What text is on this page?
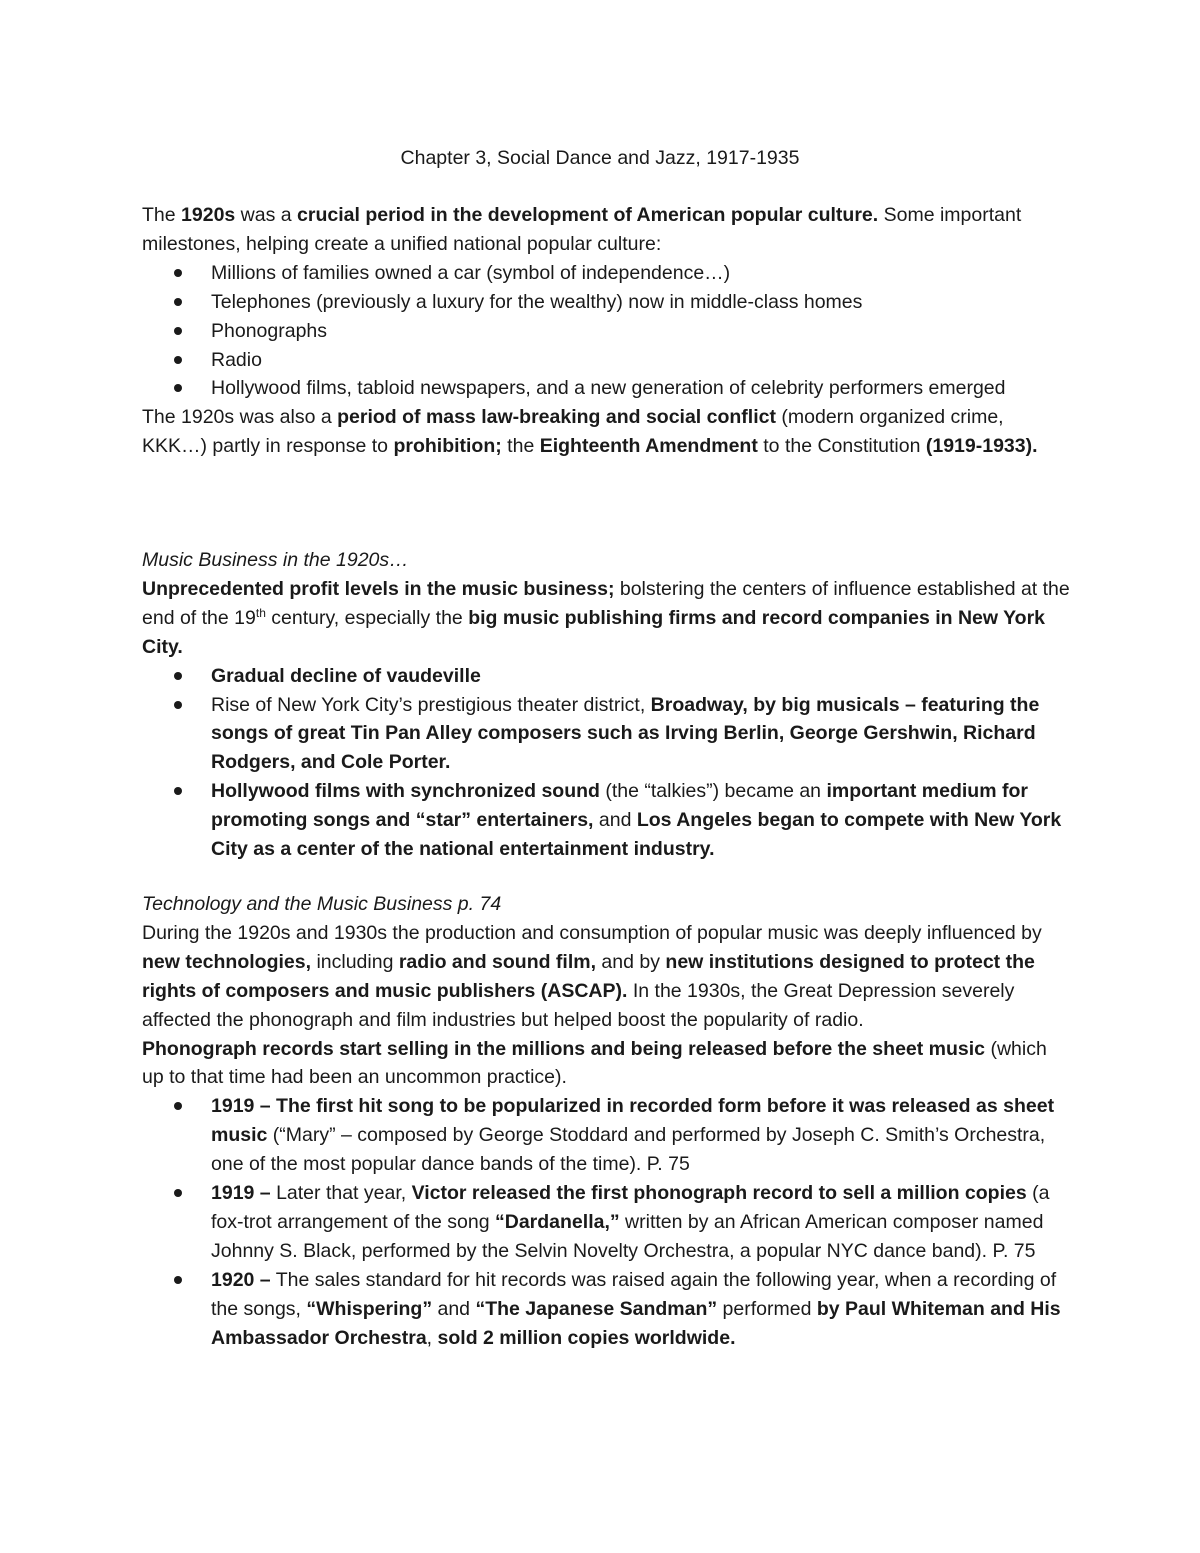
Chapter 3, Social Dance and Jazz, 1917-1935

The 1920s was a crucial period in the development of American popular culture. Some important milestones, helping create a unified national popular culture:

Millions of families owned a car (symbol of independence…)
Telephones (previously a luxury for the wealthy) now in middle-class homes
Phonographs
Radio
Hollywood films, tabloid newspapers, and a new generation of celebrity performers emerged

The 1920s was also a period of mass law-breaking and social conflict (modern organized crime, KKK…) partly in response to prohibition; the Eighteenth Amendment to the Constitution (1919-1933).

Music Business in the 1920s…

Unprecedented profit levels in the music business; bolstering the centers of influence established at the end of the 19th century, especially the big music publishing firms and record companies in New York City.

Gradual decline of vaudeville
Rise of New York City’s prestigious theater district, Broadway, by big musicals – featuring the songs of great Tin Pan Alley composers such as Irving Berlin, George Gershwin, Richard Rodgers, and Cole Porter.
Hollywood films with synchronized sound (the “talkies”) became an important medium for promoting songs and “star” entertainers, and Los Angeles began to compete with New York City as a center of the national entertainment industry.

Technology and the Music Business p. 74

During the 1920s and 1930s the production and consumption of popular music was deeply influenced by new technologies, including radio and sound film, and by new institutions designed to protect the rights of composers and music publishers (ASCAP). In the 1930s, the Great Depression severely affected the phonograph and film industries but helped boost the popularity of radio.

Phonograph records start selling in the millions and being released before the sheet music (which up to that time had been an uncommon practice).

1919 – The first hit song to be popularized in recorded form before it was released as sheet music (“Mary” – composed by George Stoddard and performed by Joseph C. Smith’s Orchestra, one of the most popular dance bands of the time). P. 75
1919 – Later that year, Victor released the first phonograph record to sell a million copies (a fox-trot arrangement of the song “Dardanella,” written by an African American composer named Johnny S. Black, performed by the Selvin Novelty Orchestra, a popular NYC dance band). P. 75
1920 – The sales standard for hit records was raised again the following year, when a recording of the songs, “Whispering” and “The Japanese Sandman” performed by Paul Whiteman and His Ambassador Orchestra, sold 2 million copies worldwide.
